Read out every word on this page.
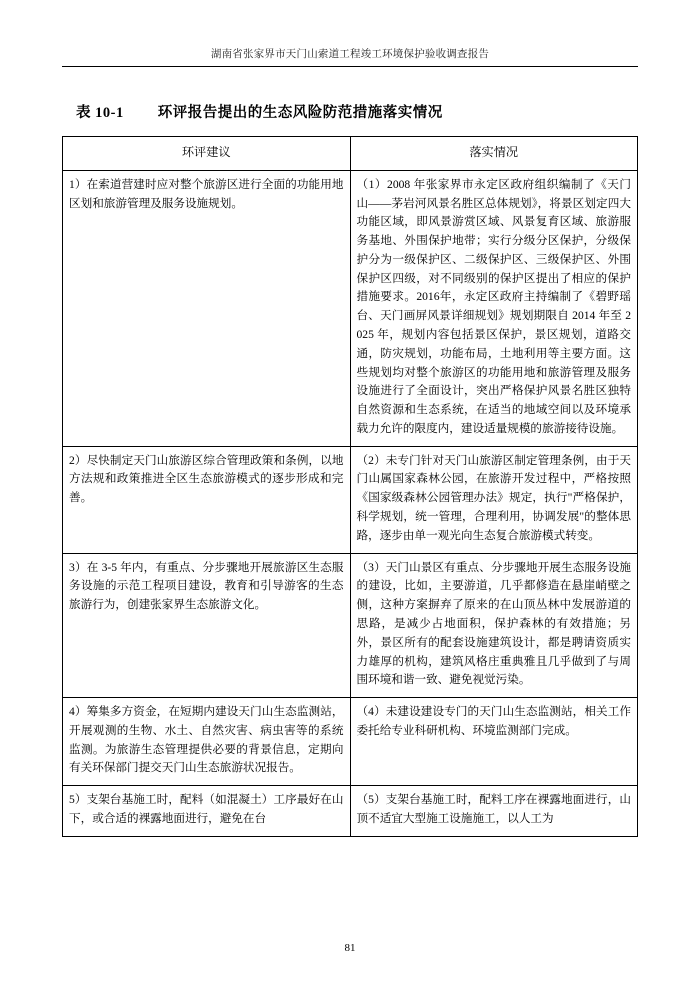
湖南省张家界市天门山索道工程竣工环境保护验收调查报告
表 10-1 环评报告提出的生态风险防范措施落实情况
环评建议	落实情况
1）在索道营建时应对整个旅游区进行全面的功能用地区划和旅游管理及服务设施规划。	（1）2008 年张家界市永定区政府组织编制了《天门山——茅岩河风景名胜区总体规划》，将景区划定四大功能区域，即风景游赏区域、风景复育区域、旅游服务基地、外围保护地带；实行分级分区保护，分级保护分为一级保护区、二级保护区、三级保护区、外围保护区四级，对不同级别的保护区提出了相应的保护措施要求。2016年，永定区政府主持编制了《碧野瑶台、天门画屏风景详细规划》规划期限自 2014 年至 2025 年，规划内容包括景区保护，景区规划，道路交通，防灾规划，功能布局，土地利用等主要方面。这些规划均对整个旅游区的功能用地和旅游管理及服务设施进行了全面设计，突出严格保护风景名胜区独特自然资源和生态系统，在适当的地域空间以及环境承载力允许的限度内，建设适量规模的旅游接待设施。
2）尽快制定天门山旅游区综合管理政策和条例，以地方法规和政策推进全区生态旅游模式的逐步形成和完善。	（2）未专门针对天门山旅游区制定管理条例，由于天门山属国家森林公园，在旅游开发过程中，严格按照《国家级森林公园管理办法》规定，执行"严格保护，科学规划，统一管理，合理利用，协调发展"的整体思路，逐步由单一观光向生态复合旅游模式转变。
3）在 3-5 年内，有重点、分步骤地开展旅游区生态服务设施的示范工程项目建设，教育和引导游客的生态旅游行为，创建张家界生态旅游文化。	（3）天门山景区有重点、分步骤地开展生态服务设施的建设，比如，主要游道，几乎都修造在悬崖峭壁之侧，这种方案摒弃了原来的在山顶丛林中发展游道的思路，是减少占地面积，保护森林的有效措施；另外，景区所有的配套设施建筑设计，都是聘请资质实力雄厚的机构，建筑风格庄重典雅且几乎做到了与周围环境和谐一致、避免视觉污染。
4）筹集多方资金，在短期内建设天门山生态监测站，开展观测的生物、水土、自然灾害、病虫害等的系统监测。为旅游生态管理提供必要的背景信息，定期向有关环保部门提交天门山生态旅游状况报告。	（4）未建设建设专门的天门山生态监测站，相关工作委托给专业科研机构、环境监测部门完成。
5）支架台基施工时，配料（如混凝土）工序最好在山下，或合适的裸露地面进行，避免在台	（5）支架台基施工时，配料工序在裸露地面进行，山顶不适宜大型施工设施施工，以人工为
81
